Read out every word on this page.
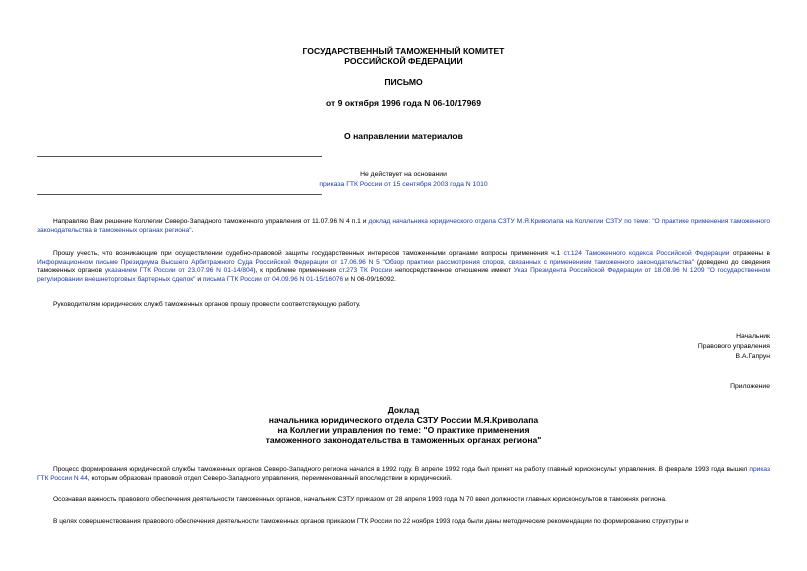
ГОСУДАРСТВЕННЫЙ ТАМОЖЕННЫЙ КОМИТЕТ
РОССИЙСКОЙ ФЕДЕРАЦИИ
ПИСЬМО
от 9 октября 1996 года N 06-10/17969
О направлении материалов
Не действует на основании
приказа ГТК России от 15 сентября 2003 года N 1010
Направляю Вам решение Коллегии Северо-Западного таможенного управления от 11.07.96 N 4 п.1 и доклад начальника юридического отдела СЗТУ М.Я.Криволапа на Коллегии СЗТУ по теме: "О практике применения таможенного законодательства в таможенных органах региона".
Прошу учесть, что возникающие при осуществлении судебно-правовой защиты государственных интересов таможенными органами вопросы применения ч.1 ст.124 Таможенного кодекса Российской Федерации отражены в Информационном письме Президиума Высшего Арбитражного Суда Российской Федерации от 17.06.96 N 5 "Обзор практики рассмотрения споров, связанных с применением таможенного законодательства" (доведено до сведения таможенных органов указанием ГТК России от 23.07.96 N 01-14/804), к проблеме применения ст.273 ТК России непосредственное отношение имеют Указ Президента Российской Федерации от 18.08.96 N 1209 "О государственном регулировании внешнеторговых бартерных сделок" и письма ГТК России от 04.09.96 N 01-15/16076 и N 06-09/16092.
Руководителям юридических служб таможенных органов прошу провести соответствующую работу.
Начальник
Правового управления
В.А.Гапрун
Приложение
Доклад
начальника юридического отдела СЗТУ России М.Я.Криволапа
на Коллегии управления по теме: "О практике применения
таможенного законодательства в таможенных органах региона"
Процесс формирования юридической службы таможенных органов Северо-Западного региона начался в 1992 году. В апреле 1992 года был принят на работу главный юрисконсульт управления. В феврале 1993 года вышел приказ ГТК России N 44, которым образован правовой отдел Северо-Западного управления, переименованный впоследствии в юридический.
Осознавая важность правового обеспечения деятельности таможенных органов, начальник СЗТУ приказом от 28 апреля 1993 года N 70 ввел должности главных юрисконсультов в таможнях региона.
В целях совершенствования правового обеспечения деятельности таможенных органов приказом ГТК России по 22 ноября 1993 года были даны методические рекомендации по формированию структуры и
